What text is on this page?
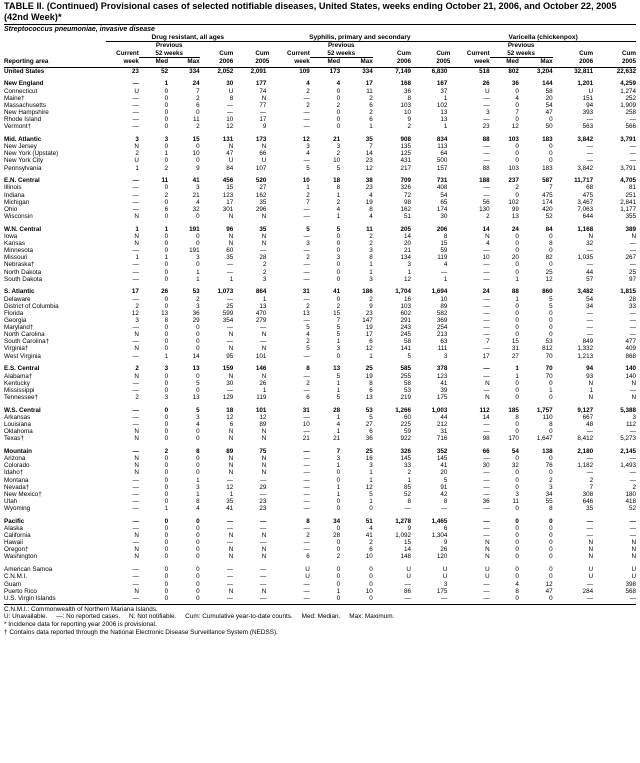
TABLE II. (Continued) Provisional cases of selected notifiable diseases, United States, weeks ending October 21, 2006, and October 22, 2005 (42nd Week)*
Streptococcus pneumoniae, invasive disease
	Drug resistant, all ages					Syphilis, primary and secondary					Varicella (chickenpox)				
		Previous					Previous					Previous			
	Current	52 weeks		Cum	Cum	Current	52 weeks		Cum	Cum	Current	52 weeks		Cum	Cum
Reporting area	week	Med	Max	2006	2005	week	Med	Max	2006	2005	week	Med	Max	2006	2005
United States	23	52	334	2,052	2,091	109	173	334	7,149	6,830	518	802	3,204	32,811	22,632

New England	—	1	24	30	177	4	4	17	168	167	26	36	144	1,201	4,259
Connecticut	U	0	7	U	74	2	0	11	36	37	U	0	58	U	1,274
Maine†	—	0	2	8	N	—	0	2	8	1	—	4	20	151	252
Massachusetts	—	0	6	—	77	2	2	6	103	102	—	0	54	94	1,909
New Hampshire	—	0	0	—	—	—	0	2	10	13	3	7	47	393	258
Rhode Island	—	0	11	10	17	—	0	6	9	13	—	0	0	—	—
Vermont†	—	0	2	12	9	—	0	1	2	1	23	12	50	563	566

Mid. Atlantic	3	3	15	131	173	12	21	35	908	834	88	103	183	3,842	3,791
New Jersey	N	0	0	N	N	3	3	7	135	113	—	0	0	—	—
New York (Upstate)	2	1	10	47	66	4	2	14	125	64	—	0	0	—	—
New York City	U	0	0	U	U	—	10	23	431	500	—	0	0	—	—
Pennsylvania	1	2	9	84	107	5	5	12	217	157	88	103	183	3,842	3,791

E.N. Central	—	11	41	456	520	10	18	38	709	731	188	237	587	11,717	4,705
Illinois	—	0	3	15	27	1	8	23	326	408	—	2	7	68	81
Indiana	—	2	21	123	162	2	1	4	72	54	—	0	475	475	251
Michigan	—	0	4	17	35	7	2	19	98	65	56	102	174	3,467	2,841
Ohio	—	6	32	301	296	—	4	8	162	174	130	99	420	7,063	1,177
Wisconsin	N	0	0	N	N	—	1	4	51	30	2	13	52	644	355

W.N. Central	1	1	191	96	35	5	5	11	205	206	14	24	84	1,168	389
Iowa	N	0	0	N	N	—	0	2	14	8	N	0	0	N	N
Kansas	N	0	0	N	N	3	0	2	20	15	4	0	8	32	—
Minnesota	—	0	191	60	—	—	0	3	21	59	—	0	0	—	—
Missouri	1	1	3	35	28	2	3	8	134	119	10	20	82	1,035	267
Nebraska†	—	0	0	—	2	—	0	1	3	4	—	0	0	—	—
North Dakota	—	0	1	—	2	—	0	1	1	—	—	0	25	44	25
South Dakota	—	0	1	1	3	—	0	3	12	1	—	1	12	57	97

S. Atlantic	17	26	53	1,073	864	31	41	186	1,704	1,694	24	88	860	3,482	1,815
Delaware	—	0	2	—	1	—	0	2	16	10	—	1	5	54	28
District of Columbia	2	0	3	25	13	2	2	9	103	89	—	0	5	34	33
Florida	12	13	36	599	470	13	15	23	602	582	—	0	0	—	—
Georgia	3	8	29	354	279	—	7	147	291	369	—	0	0	—	—
Maryland†	—	0	0	—	—	5	5	19	243	254	—	0	0	—	—
North Carolina	N	0	0	N	N	4	5	17	245	213	—	0	0	—	—
South Carolina†	—	0	0	—	—	2	1	6	58	63	7	15	53	849	477
Virginia†	N	0	0	N	N	5	3	12	141	111	—	31	812	1,332	409
West Virginia	—	1	14	95	101	—	0	1	5	3	17	27	70	1,213	868

E.S. Central	2	3	13	159	146	8	13	25	585	378	—	1	70	94	140
Alabama†	N	0	0	N	N	—	5	19	255	123	—	1	70	93	140
Kentucky	—	0	5	30	26	2	1	8	58	41	N	0	0	N	N
Mississippi	—	0	0	—	1	—	1	6	53	39	—	0	1	1	—
Tennessee†	2	3	13	129	119	6	5	13	219	175	N	0	0	N	N

W.S. Central	—	0	5	18	101	31	28	53	1,266	1,003	112	185	1,757	9,127	5,388
Arkansas	—	0	3	12	12	—	1	5	60	44	14	8	110	667	3
Louisiana	—	0	4	6	89	10	4	27	225	212	—	0	8	48	112
Oklahoma	N	0	0	N	N	—	1	6	59	31	—	0	0	—	—
Texas†	N	0	0	N	N	21	21	36	922	716	98	170	1,647	8,412	5,273

Mountain	—	2	8	89	75	—	7	25	326	352	66	54	138	2,180	2,145
Arizona	N	0	0	N	N	—	3	16	145	145	—	0	0	—	—
Colorado	N	0	0	N	N	—	1	3	33	41	30	32	76	1,182	1,493
Idaho†	N	0	0	N	N	—	0	1	2	20	—	0	0	—	—
Montana	—	0	1	—	—	—	0	1	1	5	—	0	2	2	—
Nevada†	—	0	3	12	29	—	1	12	85	91	—	0	3	7	2
New Mexico†	—	0	1	1	—	—	1	5	52	42	—	3	34	308	180
Utah	—	0	8	35	23	—	0	1	8	8	36	11	55	646	418
Wyoming	—	1	4	41	23	—	0	0	—	—	—	0	8	35	52

Pacific	—	0	0	—	—	8	34	51	1,278	1,465	—	0	0	—	—
Alaska	—	0	0	—	—	—	0	4	9	6	—	0	0	—	—
California	N	0	0	N	N	2	28	41	1,092	1,304	—	0	0	—	—
Hawaii	—	0	0	—	—	—	0	2	15	9	N	0	0	N	N
Oregon†	N	0	0	N	N	—	0	6	14	26	N	0	0	N	N
Washington	N	0	0	N	N	6	2	10	148	120	N	0	0	N	N

American Samoa	—	0	0	—	—	U	0	0	U	U	U	0	0	U	U
C.N.M.I.	—	0	0	—	—	U	0	0	U	U	U	0	0	U	U
Guam	—	0	0	—	—	—	0	0	—	3	—	4	12	—	398
Puerto Rico	N	0	0	N	N	—	1	10	86	175	—	8	47	284	568
U.S. Virgin Islands	—	0	0	—	—	—	0	0	—	—	—	0	0	—	—
C.N.M.I.: Commonwealth of Northern Mariana Islands.
U: Unavailable.     —: No reported cases.     N: Not notifiable.     Cum: Cumulative year-to-date counts.     Med: Median.     Max: Maximum.
* Incidence data for reporting year 2006 is provisional.
† Contains data reported through the National Electronic Disease Surveillance System (NEDSS).
